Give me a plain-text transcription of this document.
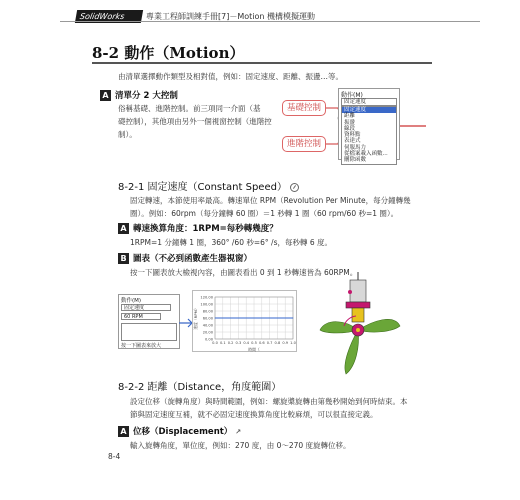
SolidWorks	專業工程師訓練手冊[7]－Motion 機構模擬運動
8-2 動作（Motion）
由清單選擇動作類型及相對值，例如：固定速度、距離、振盪…等。
A 清單分 2 大控制
俗稱基礎、進階控制。前三項同一介面（基
礎控制），其他項由另外一個視窗控制（進階控
制）。
基礎控制
進階控制
動作(M)
固定速度
固定速度
距離
振盪
線段
資料點
表達式
伺服馬力
從檔案載入函數...
刪除函數
8-2-1 固定速度（Constant Speed）
固定轉速，本節使用率最高。轉速單位 RPM（Revolution Per Minute，每分鐘轉幾
圈）。例如：60rpm（每分鐘轉 60 圈）＝1 秒轉 1 圈（60 rpm/60 秒=1 圈）。
A 轉速換算角度：1RPM=每秒轉幾度？
1RPM=1 分鐘轉 1 圈，360° /60 秒=6° /s，每秒轉 6 度。
B 圖表（不必到函數產生器視窗）
按一下圖表放大檢視內容，由圖表看出 0 到 1 秒轉速皆為 60RPM。
動作(M)
固定速度
60 RPM
按一下圖表來放大
0.00
20.00
40.00
60.00
80.00
100.00
120.00
0.0 0.1 0.2 0.3 0.4 0.5 0.6 0.7 0.8 0.9 1.0
速度（RPM）
時間（
8-2-2 距離（Distance，角度範圍）
設定位移（旋轉角度）與時間範圍，例如：螺旋槳旋轉由第幾秒開始到何時結束。本
節與固定速度互補，就不必固定速度換算角度比較麻煩，可以很直接定義。
A 位移（Displacement） ↗
輸入旋轉角度，單位度，例如：270 度，由 0～270 度旋轉位移。
8-4
